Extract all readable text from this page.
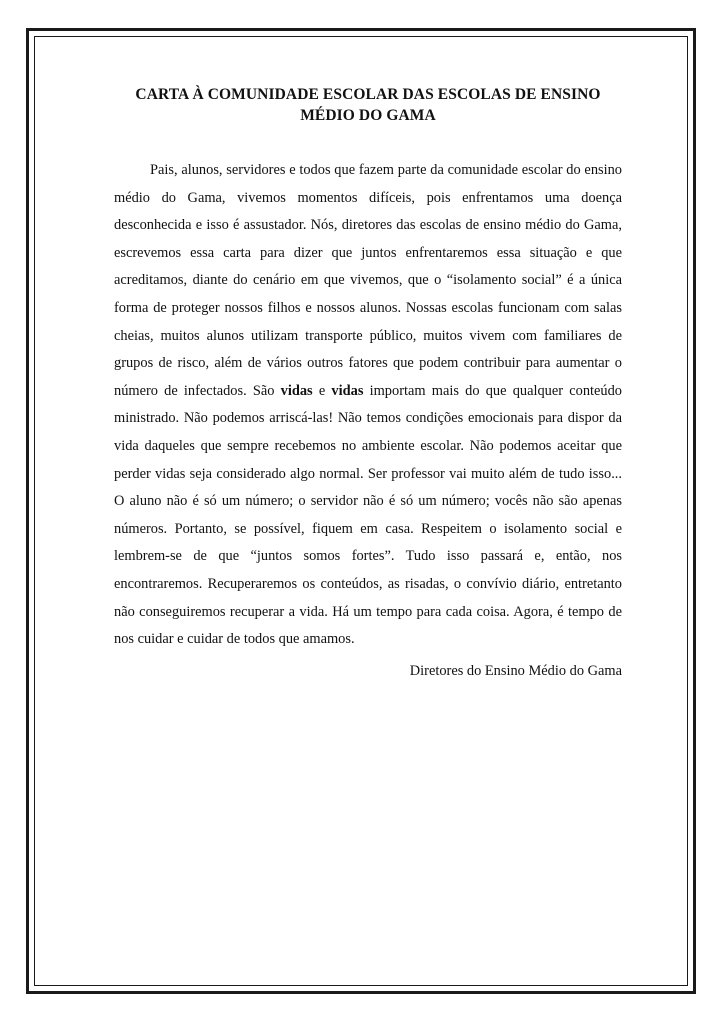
CARTA À COMUNIDADE ESCOLAR DAS ESCOLAS DE ENSINO
MÉDIO DO GAMA

Pais, alunos, servidores e todos que fazem parte da comunidade escolar do ensino médio do Gama, vivemos momentos difíceis, pois enfrentamos uma doença desconhecida e isso é assustador. Nós, diretores das escolas de ensino médio do Gama, escrevemos essa carta para dizer que juntos enfrentaremos essa situação e que acreditamos, diante do cenário em que vivemos, que o “isolamento social” é a única forma de proteger nossos filhos e nossos alunos. Nossas escolas funcionam com salas cheias, muitos alunos utilizam transporte público, muitos vivem com familiares de grupos de risco, além de vários outros fatores que podem contribuir para aumentar o número de infectados. São vidas e vidas importam mais do que qualquer conteúdo ministrado. Não podemos arriscá-las! Não temos condições emocionais para dispor da vida daqueles que sempre recebemos no ambiente escolar. Não podemos aceitar que perder vidas seja considerado algo normal. Ser professor vai muito além de tudo isso... O aluno não é só um número; o servidor não é só um número; vocês não são apenas números. Portanto, se possível, fiquem em casa. Respeitem o isolamento social e lembrem-se de que “juntos somos fortes”. Tudo isso passará e, então, nos encontraremos. Recuperaremos os conteúdos, as risadas, o convívio diário, entretanto não conseguiremos recuperar a vida. Há um tempo para cada coisa. Agora, é tempo de nos cuidar e cuidar de todos que amamos.

Diretores do Ensino Médio do Gama
